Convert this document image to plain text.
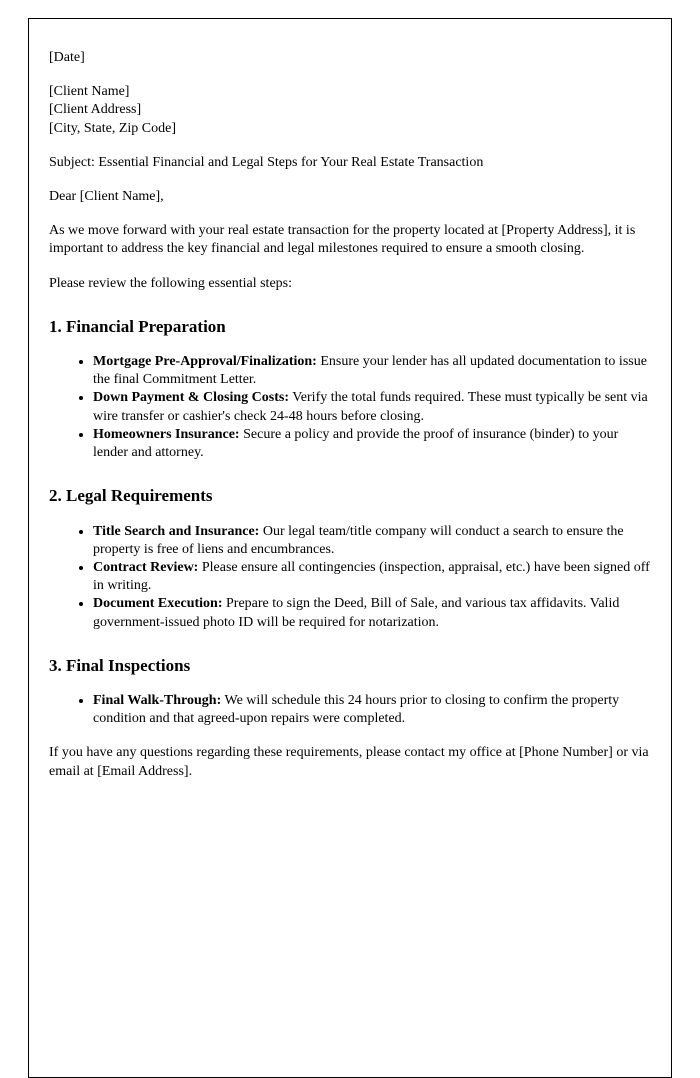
[Date]

[Client Name]
[Client Address]
[City, State, Zip Code]

Subject: Essential Financial and Legal Steps for Your Real Estate Transaction

Dear [Client Name],

As we move forward with your real estate transaction for the property located at [Property Address], it is important to address the key financial and legal milestones required to ensure a smooth closing.

Please review the following essential steps:

1. Financial Preparation
• Mortgage Pre-Approval/Finalization: Ensure your lender has all updated documentation to issue the final Commitment Letter.
• Down Payment & Closing Costs: Verify the total funds required. These must typically be sent via wire transfer or cashier's check 24-48 hours before closing.
• Homeowners Insurance: Secure a policy and provide the proof of insurance (binder) to your lender and attorney.
2. Legal Requirements
• Title Search and Insurance: Our legal team/title company will conduct a search to ensure the property is free of liens and encumbrances.
• Contract Review: Please ensure all contingencies (inspection, appraisal, etc.) have been signed off in writing.
• Document Execution: Prepare to sign the Deed, Bill of Sale, and various tax affidavits. Valid government-issued photo ID will be required for notarization.
3. Final Inspections
• Final Walk-Through: We will schedule this 24 hours prior to closing to confirm the property condition and that agreed-upon repairs were completed.

If you have any questions regarding these requirements, please contact my office at [Phone Number] or via email at [Email Address].
